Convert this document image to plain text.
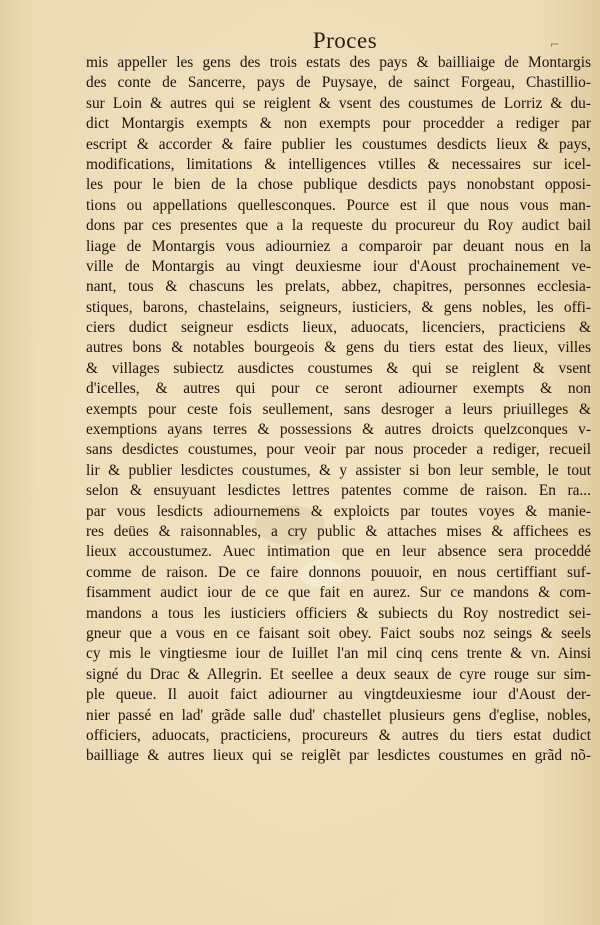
⌐
Proces
mis appeller les gens des trois estats des pays & bailliaige de Montargis
des conte de Sancerre, pays de Puysaye, de sainct Forgeau, Chastillio-
sur Loin & autres qui se reiglent & vsent des coustumes de Lorriz & du-
dict Montargis exempts & non exempts pour procedder a rediger par
escript & accorder & faire publier les coustumes desdicts lieux & pays,
modifications, limitations & intelligences vtilles & necessaires sur icel-
les pour le bien de la chose publique desdicts pays nonobstant opposi-
tions ou appellations quellesconques. Pource est il que nous vous man-
dons par ces presentes que a la requeste du procureur du Roy audict bail
liage de Montargis vous adiourniez a comparoir par deuant nous en la
ville de Montargis au vingt deuxiesme iour d'Aoust prochainement ve-
nant, tous & chascuns les prelats, abbez, chapitres, personnes ecclesia-
stiques, barons, chastelains, seigneurs, iusticiers, & gens nobles, les offi-
ciers dudict seigneur esdicts lieux, aduocats, licenciers, practiciens &
autres bons & notables bourgeois & gens du tiers estat des lieux, villes
& villages subiectz ausdictes coustumes & qui se reiglent & vsent
d'icelles, & autres qui pour ce seront adiourner exempts & non
exempts pour ceste fois seullement, sans desroger a leurs priuilleges &
exemptions ayans terres & possessions & autres droicts quelzconques v-
sans desdictes coustumes, pour veoir par nous proceder a rediger, recueil
lir & publier lesdictes coustumes, & y assister si bon leur semble, le tout
selon & ensuyuant lesdictes lettres patentes comme de raison. En ra...
par vous lesdicts adiournemens & exploicts par toutes voyes & manie-
res deües & raisonnables, a cry public & attaches mises & affichees es
lieux accoustumez. Auec intimation que en leur absence sera proceddé
comme de raison. De ce faire donnons pouuoir, en nous certiffiant suf-
fisamment audict iour de ce que fait en aurez. Sur ce mandons & com-
mandons a tous les iusticiers officiers & subiects du Roy nostredict sei-
gneur que a vous en ce faisant soit obey. Faict soubs noz seings & seels
cy mis le vingtiesme iour de Iuillet l'an mil cinq cens trente & vn. Ainsi
signé du Drac & Allegrin. Et seellee a deux seaux de cyre rouge sur sim-
ple queue. Il auoit faict adiourner au vingtdeuxiesme iour d'Aoust der-
nier passé en lad' grãde salle dud' chastellet plusieurs gens d'eglise, nobles,
officiers, aduocats, practiciens, procureurs & autres du tiers estat dudict
bailliage & autres lieux qui se reiglẽt par lesdictes coustumes en grãd nõ-
